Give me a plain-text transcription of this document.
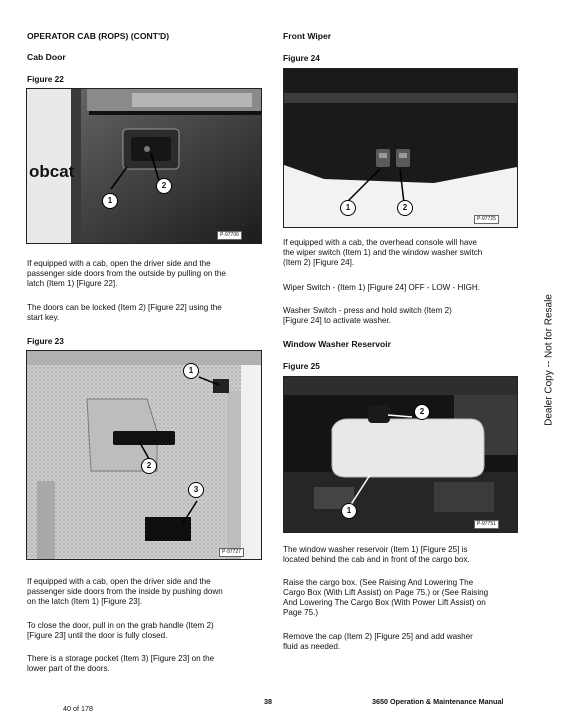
OPERATOR CAB (ROPS) (CONT'D)
Cab Door
Figure 22
obcat
1
2
P-97706
If equipped with a cab, open the driver side and the
passenger side doors from the outside by pulling on the
latch (Item 1) [Figure 22].
The doors can be locked (Item 2) [Figure 22] using the
start key.
Figure 23
1
2
3
P-97727
If equipped with a cab, open the driver side and the
passenger side doors from the inside by pushing down
on the latch (Item 1) [Figure 23].
To close the door, pull in on the grab handle (Item 2)
[Figure 23] until the door is fully closed.
There is a storage pocket (Item 3) [Figure 23] on the
lower part of the doors.
Front Wiper
Figure 24
1	2
P-97725
If equipped with a cab, the overhead console will have
the wiper switch (Item 1) and the window washer switch
(Item 2) [Figure 24].
Wiper Switch - (Item 1) [Figure 24] OFF - LOW - HIGH.
Washer Switch - press and hold switch (Item 2)
[Figure 24] to activate washer.
Window Washer Reservoir
Figure 25
2
1
P-97751
The window washer reservoir (Item 1) [Figure 25] is
located behind the cab and in front of the cargo box.
Raise the cargo box. (See Raising And Lowering The
Cargo Box (With Lift Assist) on Page 75.) or (See Raising
And Lowering The Cargo Box (With Power Lift Assist) on
Page 75.)
Remove the cap (Item 2) [Figure 25] and add washer
fluid as needed.
Dealer Copy -- Not for Resale
40 of 178
38	3650 Operation & Maintenance Manual
